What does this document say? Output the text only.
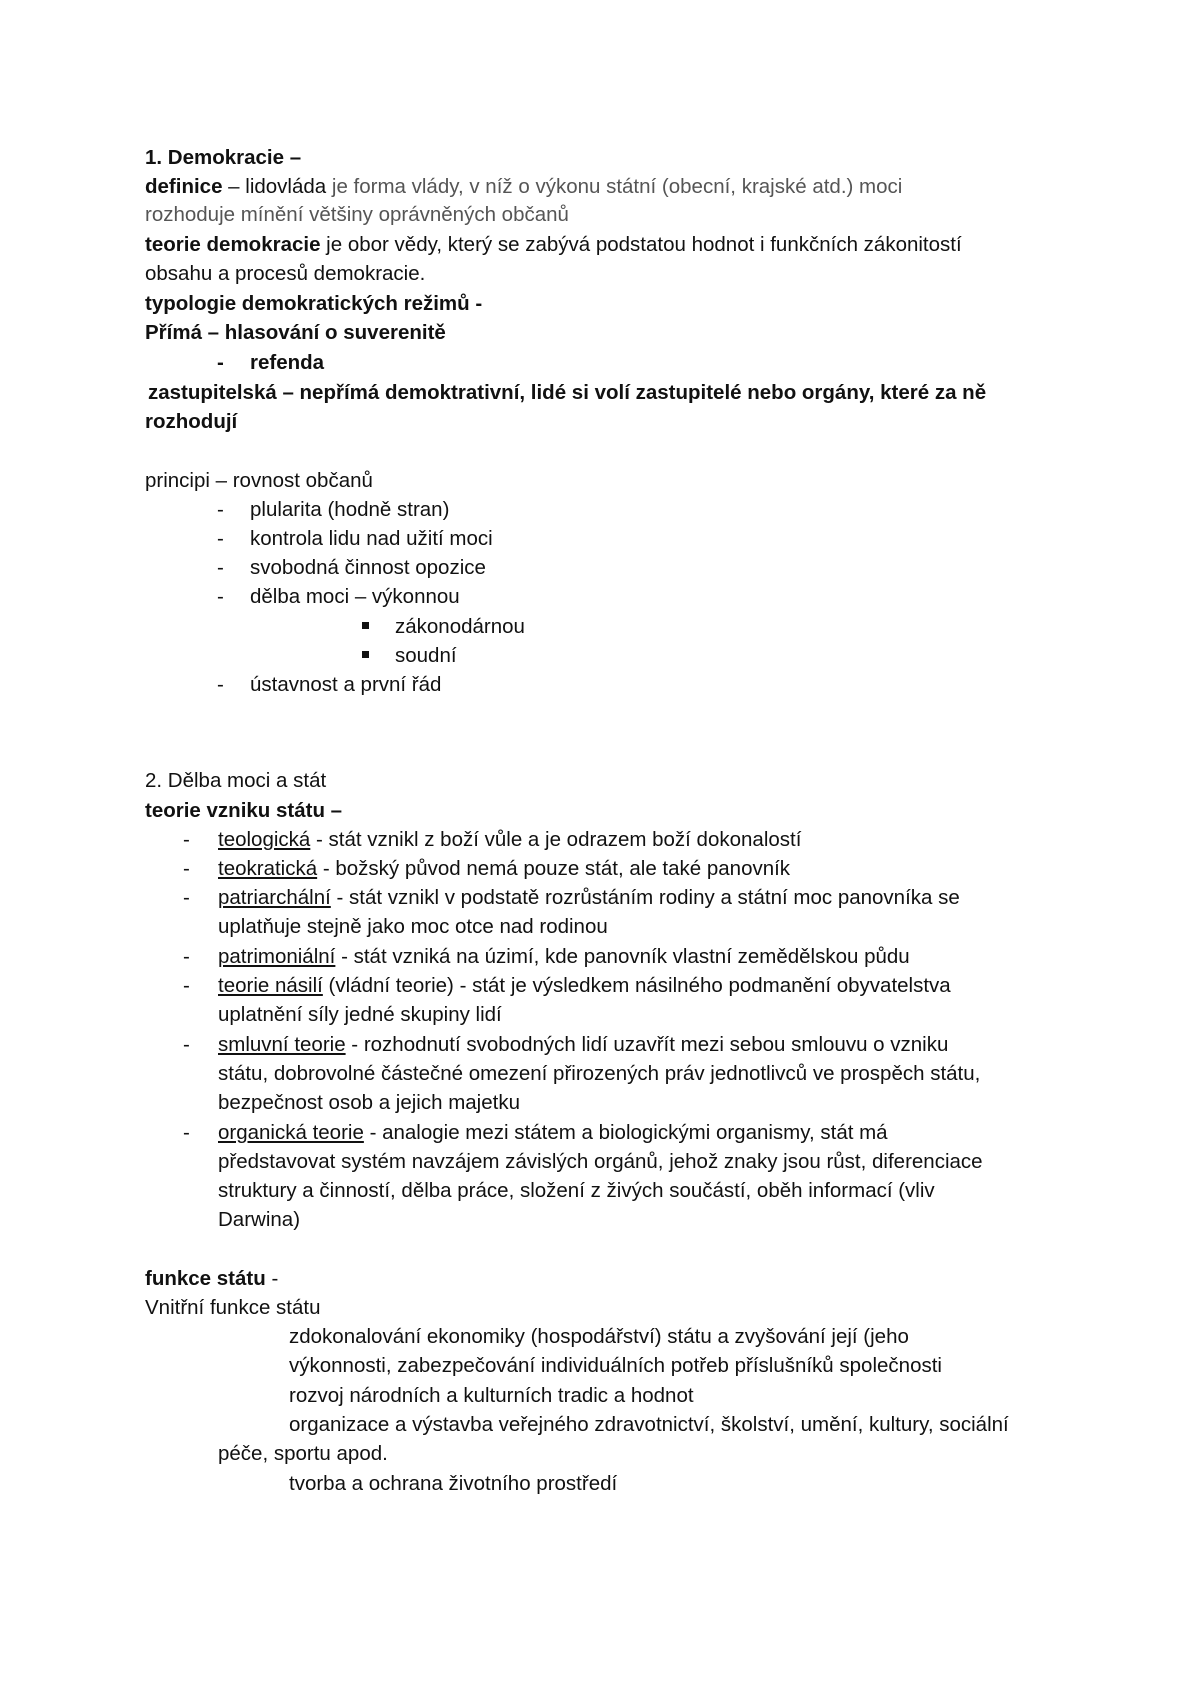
1. Demokracie –
definice – lidovláda je forma vlády, v níž o výkonu státní (obecní, krajské atd.) moci
rozhoduje mínění většiny oprávněných občanů
teorie demokracie je obor vědy, který se zabývá podstatou hodnot i funkčních zákonitostí
obsahu a procesů demokracie.
typologie demokratických režimů -
Přímá – hlasování o suverenitě
- refenda
zastupitelská – nepřímá demoktrativní, lidé si volí zastupitelé nebo orgány, které za ně
rozhodují
principi – rovnost občanů
- plularita (hodně stran)
- kontrola lidu nad užití moci
- svobodná činnost opozice
- dělba moci – výkonnou
zákonodárnou
soudní
- ústavnost a první řád
2. Dělba moci a stát
teorie vzniku státu –
- teologická - stát vznikl z boží vůle a je odrazem boží dokonalostí
- teokratická - božský původ nemá pouze stát, ale také panovník
- patriarchální - stát vznikl v podstatě rozrůstáním rodiny a státní moc panovníka se
uplatňuje stejně jako moc otce nad rodinou
- patrimoniální - stát vzniká na úzimí, kde panovník vlastní zemědělskou půdu
- teorie násilí (vládní teorie) - stát je výsledkem násilného podmanění obyvatelstva
uplatnění síly jedné skupiny lidí
- smluvní teorie - rozhodnutí svobodných lidí uzavřít mezi sebou smlouvu o vzniku
státu, dobrovolné částečné omezení přirozených práv jednotlivců ve prospěch státu,
bezpečnost osob a jejich majetku
- organická teorie - analogie mezi státem a biologickými organismy, stát má
představovat systém navzájem závislých orgánů, jehož znaky jsou růst, diferenciace
struktury a činností, dělba práce, složení z živých součástí, oběh informací (vliv
Darwina)
funkce státu -
Vnitřní funkce státu
zdokonalování ekonomiky (hospodářství) státu a zvyšování její (jeho
výkonnosti, zabezpečování individuálních potřeb příslušníků společnosti
rozvoj národních a kulturních tradic a hodnot
organizace a výstavba veřejného zdravotnictví, školství, umění, kultury, sociální
péče, sportu apod.
tvorba a ochrana životního prostředí
